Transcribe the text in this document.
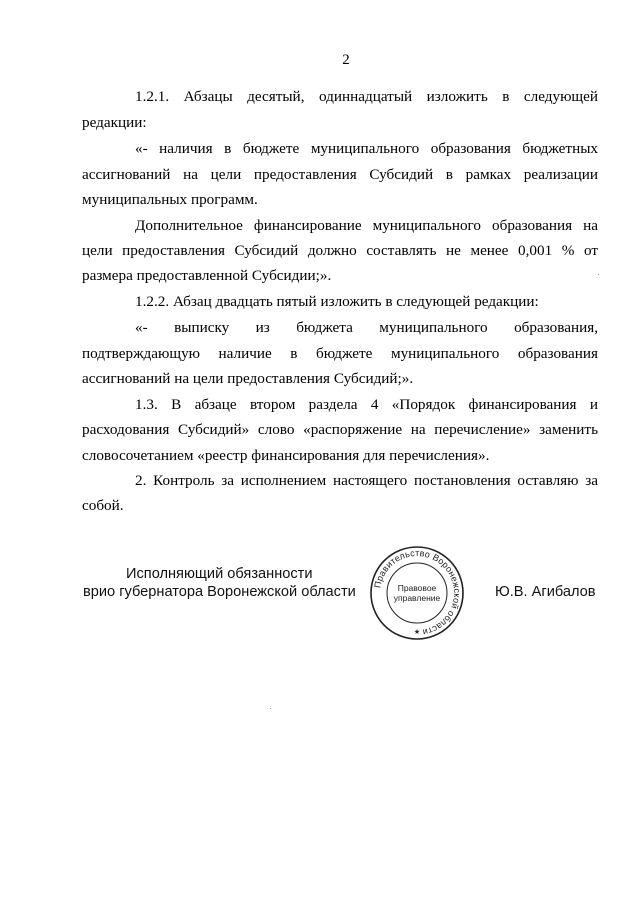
2
1.2.1. Абзацы десятый, одиннадцатый изложить в следующей
редакции:
«- наличия в бюджете муниципального образования бюджетных
ассигнований на цели предоставления Субсидий в рамках реализации
муниципальных программ.
Дополнительное финансирование муниципального образования на
цели предоставления Субсидий должно составлять не менее 0,001 % от
размера предоставленной Субсидии;».
1.2.2. Абзац двадцать пятый изложить в следующей редакции:
«- выписку из бюджета муниципального образования,
подтверждающую наличие в бюджете муниципального образования
ассигнований на цели предоставления Субсидий;».
1.3. В абзаце втором раздела 4 «Порядок финансирования и
расходования Субсидий» слово «распоряжение на перечисление» заменить
словосочетанием «реестр финансирования для перечисления».
2. Контроль за исполнением настоящего постановления оставляю за
собой.
Исполняющий обязанности
врио губернатора Воронежской области	Ю.В. Агибалов
Правительство Воронежской области
Правовое
управление
★
